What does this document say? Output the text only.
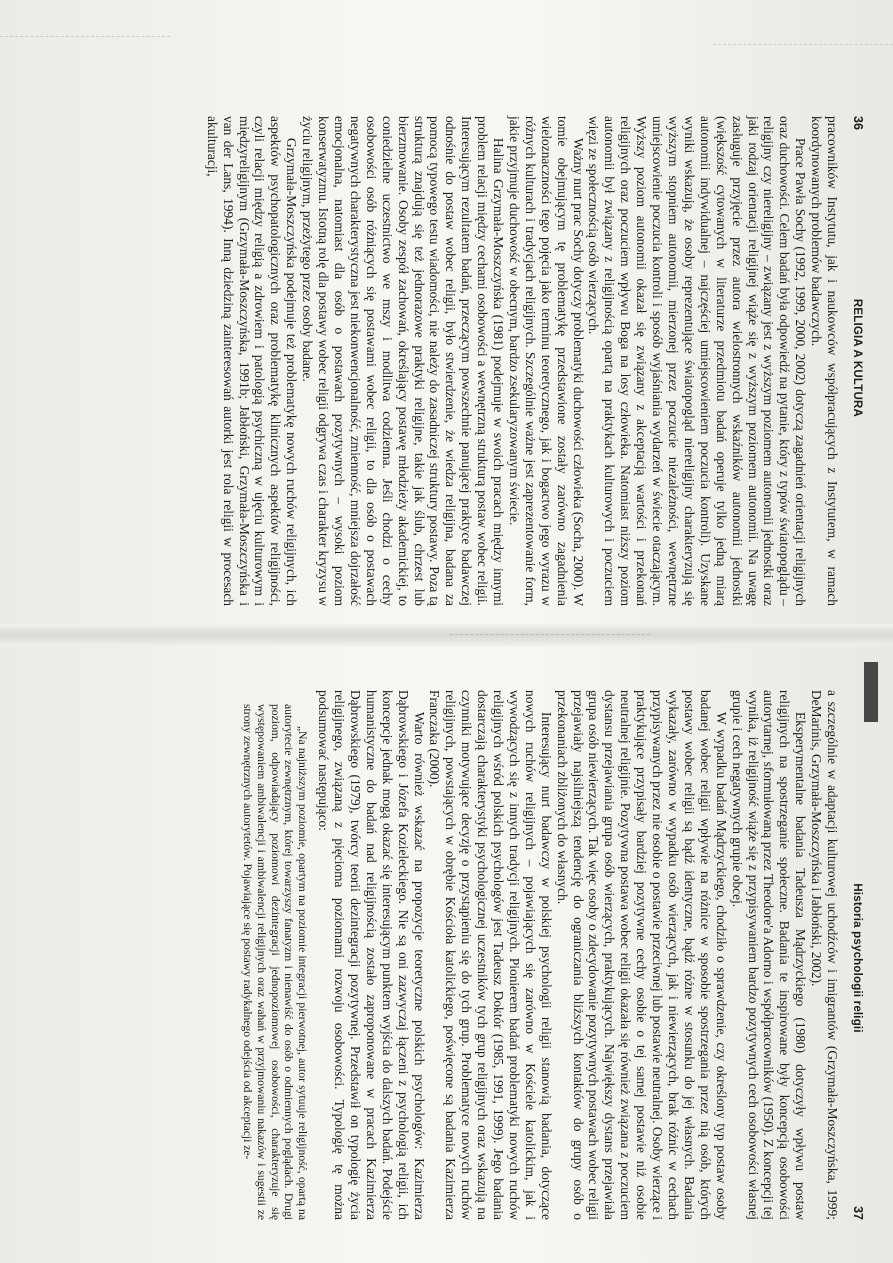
36
RELIGIA A KULTURA

pracowników Instytutu, jak i naukowców współpracujących z Instytutem, w ramach koordynowanych problemów badawczych.

Prace Pawła Sochy (1992, 1999, 2000, 2002) dotyczą zagadnień orientacji religijnych oraz duchowości. Celem badań była odpowiedź na pytanie, który z typów światopoglądu – religijny czy niereligijny – związany jest z wyższym poziomem autonomii jednostki oraz jaki rodzaj orientacji religijnej wiąże się z wyższym poziomem autonomii. Na uwagę zasługuje przyjęcie przez autora wielostronnych wskaźników autonomii jednostki (większość cytowanych w literaturze przedmiotu badań operuje tylko jedną miarą autonomii indywidualnej – najczęściej umiejscowieniem poczucia kontroli). Uzyskane wyniki wskazują, że osoby reprezentujące światopogląd niereligijny charakteryzują się wyższym stopniem autonomii, mierzonej przez poczucie niezależności, wewnętrzne umiejscowienie poczucia kontroli i sposób wyjaśniania wydarzeń w świecie otaczającym. Wyższy poziom autonomii okazał się związany z akceptacją wartości i przekonań religijnych oraz poczuciem wpływu Boga na losy człowieka. Natomiast niższy poziom autonomii był związany z religijnością opartą na praktykach kulturowych i poczuciem więzi ze społecznością osób wierzących.

Ważny nurt prac Sochy dotyczy problematyki duchowości człowieka (Socha, 2000). W tomie obejmującym tę problematykę przedstawione zostały zarówno zagadnienia wieloznaczności tego pojęcia jako terminu teoretycznego, jak i bogactwo jego wyrazu w różnych kulturach i tradycjach religijnych. Szczególnie ważne jest zaprezentowanie form, jakie przyjmuje duchowość w obecnym, bardzo zsekularyzowanym świecie.

Halina Grzymała-Moszczyńska (1981) podejmuje w swoich pracach między innymi problem relacji między cechami osobowości a wewnętrzną strukturą postaw wobec religii. Interesującym rezultatem badań, przeczącym powszechnie panującej praktyce badawczej odnośnie do postaw wobec religii, było stwierdzenie, że wiedza religijna, badana za pomocą typowego testu wiadomości, nie należy do zasadniczej struktury postawy. Poza tą strukturą znajdują się też jednorazowe praktyki religijne, takie jak ślub, chrzest lub bierzmowanie. Osoby zespół zachowań, określający postawę młodzieży akademickiej, to coniedzielne uczestnictwo we mszy i modlitwa codzienna. Jeśli chodzi o cechy osobowości osób różniących się postawami wobec religii, to dla osób o postawach negatywnych charakterystyczna jest niekonwencjonalność, zmienność, mniejsza dojrzałość emocjonalna, natomiast dla osób o postawach pozytywnych – wysoki poziom konserwatyzmu. Istotną rolę dla postawy wobec religii odgrywa czas i charakter kryzysu w życiu religijnym, przeżytego przez osoby badane.

Grzymała-Moszczyńska podejmuje też problematykę nowych ruchów religijnych, ich aspektów psychopatologicznych oraz problematykę klinicznych aspektów religijności, czyli relacji między religią a zdrowiem i patologią psychiczną w ujęciu kulturowym i międzyreligijnym (Grzymała-Moszczyńska, 1991b; Jabłoński, Grzymała-Moszczyńska i van der Lans, 1994). Inną dziedziną zainteresowań autorki jest rola religii w procesach akulturacji,

Historia psychologii religii
37

a szczególnie w adaptacji kulturowej uchodźców i imigrantów (Grzymała-Moszczyńska, 1999; DeMarinis, Grzymała-Moszczyńska i Jabłoński, 2002).

Eksperymentalne badania Tadeusza Mądrzyckiego (1980) dotyczyły wpływu postaw religijnych na spostrzeganie społeczne. Badania te inspirowane były koncepcją osobowości autorytarnej, sformułowaną przez Theodore'a Adorno i współpracowników (1950). Z koncepcji tej wynika, iż religijność wiąże się z przypisywaniem bardzo pozytywnych cech osobowości własnej grupie i cech negatywnych grupie obcej.

W wypadku badań Mądrzyckiego, chodziło o sprawdzenie, czy określony typ postaw osoby badanej wobec religii wpływie na różnice w sposobie spostrzegania przez nią osób, których postawy wobec religii są bądź identyczne, bądź różne w stosunku do jej własnych. Badania wykazały, zarówno w wypadku osób wierzących, jak i niewierzących, brak różnic w cechach przypisywanych przez nie osobie o postawie przeciwnej lub postawie neutralnej. Osoby wierzące i praktykujące przypisały bardziej pozytywne cechy osobie o tej samej postawie niż osobie neutralnej religijnie. Pozytywna postawa wobec religii okazała się również związana z poczuciem dystansu przejawiania grupa osób wierzących, praktykujących. Największy dystans przejawiała grupa osób niewierzących. Tak więc osoby o zdecydowanie pozytywnych postawach wobec religii przejawiały najsilniejszą tendencję do ograniczania bliższych kontaktów do grupy osób o przekonaniach zbliżonych do własnych.

Interesujący nurt badawczy w polskiej psychologii religii stanowią badania, dotyczące nowych ruchów religijnych – pojawiających się zarówno w Kościele katolickim, jak i wywodzących się z innych tradycji religijnych. Pionierem badań problematyki nowych ruchów religijnych wśród polskich psychologów jest Tadeusz Doktór (1985, 1991, 1999). Jego badania dostarczają charakterystyki psychologicznej uczestników tych grup religijnych oraz wskazują na czynniki motywujące decyzję o przystąpieniu się do tych grup. Problematyce nowych ruchów religijnych, powstających w obrębie Kościoła katolickiego, poświęcone są badania Kazimierza Franczaka (2000).

Warto również wskazać na propozycje teoretyczne polskich psychologów: Kazimierza Dąbrowskiego i Józefa Kozieleckiego. Nie są oni zazwyczaj łączeni z psychologią religii, ich koncepcje jednak mogą okazać się interesującym punktem wyjścia do dalszych badań. Podejście humanistyczne do badań nad religijnością zostało zaproponowane w pracach Kazimierza Dąbrowskiego (1979), twórcy teorii dezintegracji pozytywnej. Przedstawił on typologię życia religijnego, związaną z pięcioma poziomami rozwoju osobowości. Typologię tę można podsumować następująco:

„Na najniższym poziomie, opartym na poziomie integracji pierwotnej, autor sytuuje religijność, opartą na autorytecie zewnętrznym, której towarzyszy fanatyzm i nienawiść do osób o odmiennych poglądach. Drugi poziom, odpowiadający poziomowi dezintegracji jednopoziomowej osobowości, charakteryzuje się występowaniem ambiwalencji i ambiwalencji religijnych oraz wahań w przyjmowaniu nakazów i sugestii ze strony zewnętrznych autorytetów. Pojawiające się postawy radykalnego odejścia od akceptacji ze-
